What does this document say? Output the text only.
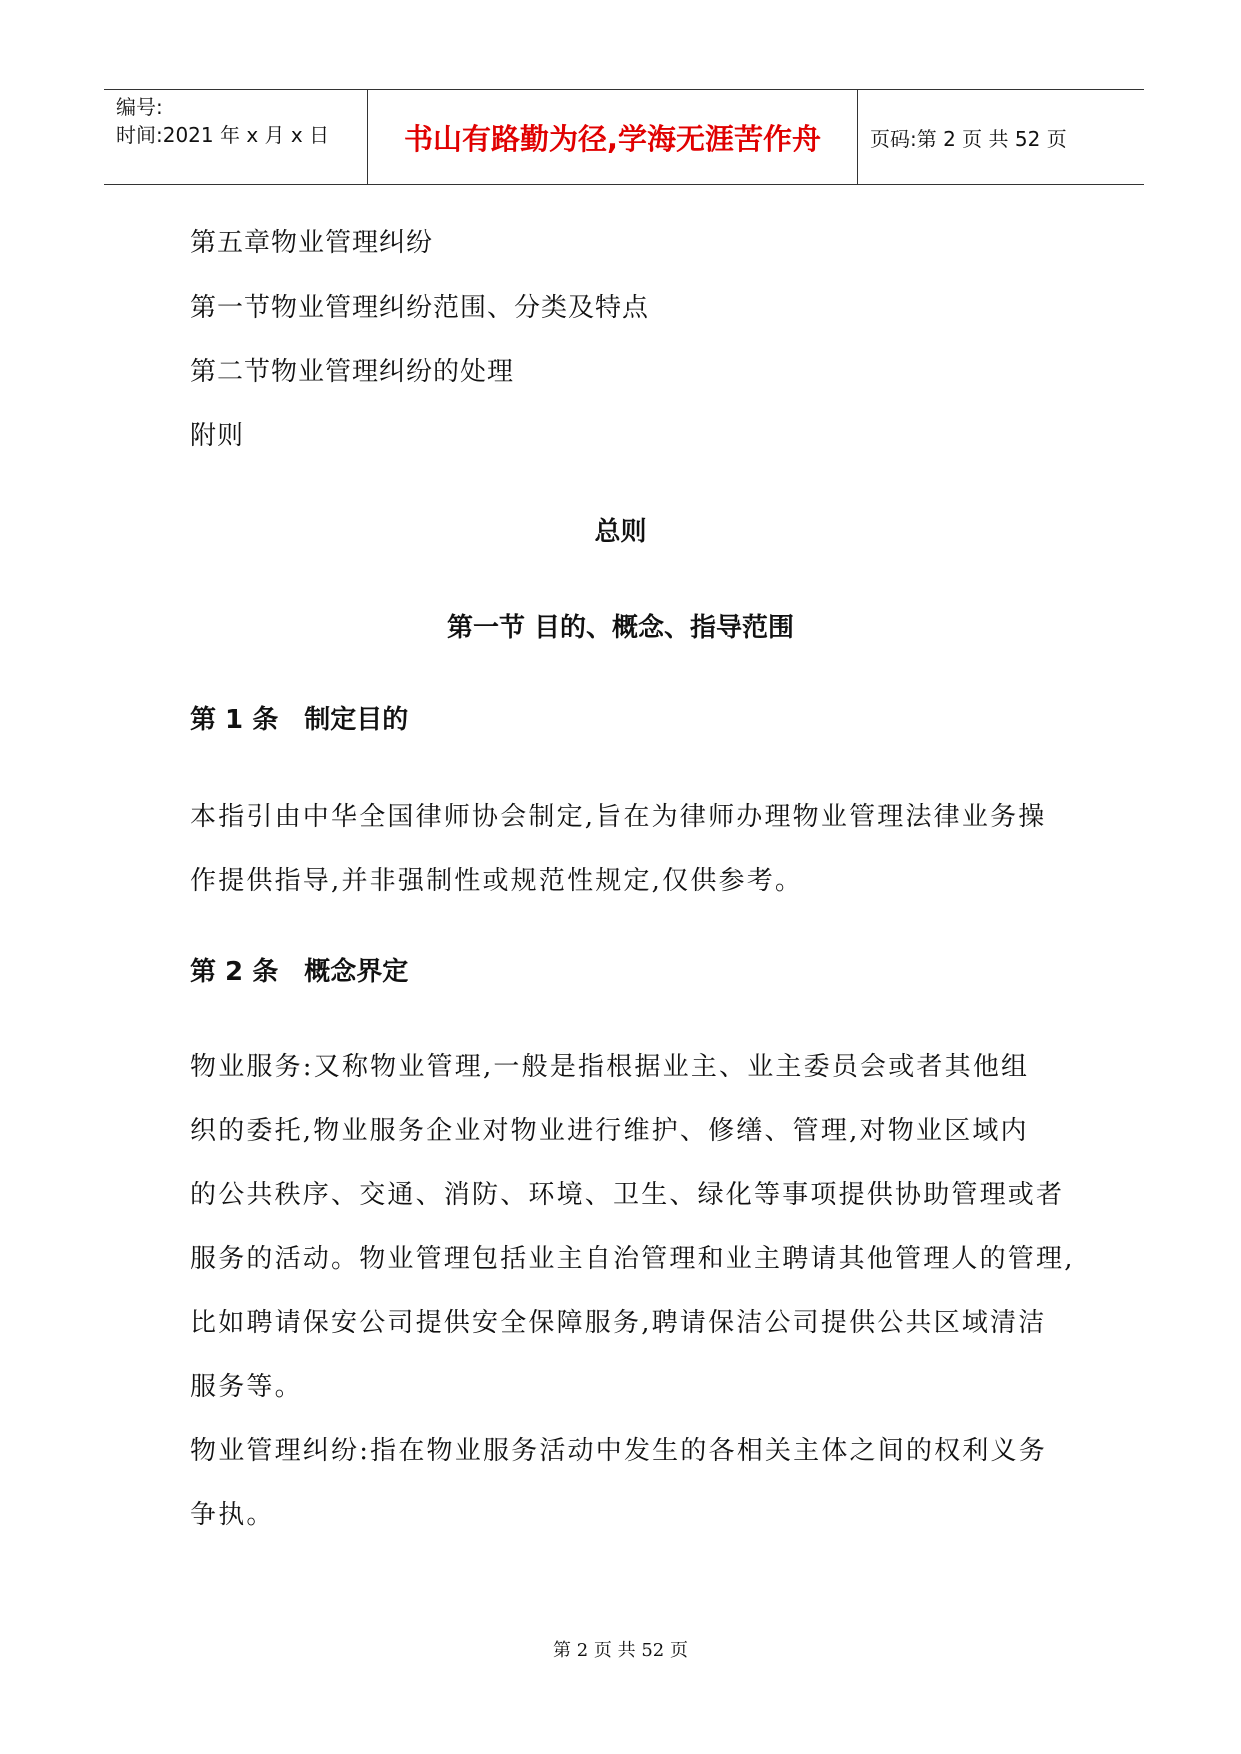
编号:
时间:2021 年 x 月 x 日	书山有路勤为径,学海无涯苦作舟	页码:第 2 页 共 52 页
第五章物业管理纠纷
第一节物业管理纠纷范围、分类及特点
第二节物业管理纠纷的处理
附则
总则
第一节 目的、概念、指导范围
第 1 条 制定目的
本指引由中华全国律师协会制定,旨在为律师办理物业管理法律业务操
作提供指导,并非强制性或规范性规定,仅供参考。
第 2 条 概念界定
物业服务:又称物业管理,一般是指根据业主、业主委员会或者其他组
织的委托,物业服务企业对物业进行维护、修缮、管理,对物业区域内
的公共秩序、交通、消防、环境、卫生、绿化等事项提供协助管理或者
服务的活动。物业管理包括业主自治管理和业主聘请其他管理人的管理,
比如聘请保安公司提供安全保障服务,聘请保洁公司提供公共区域清洁
服务等。
物业管理纠纷:指在物业服务活动中发生的各相关主体之间的权利义务
争执。
第 2 页 共 52 页
